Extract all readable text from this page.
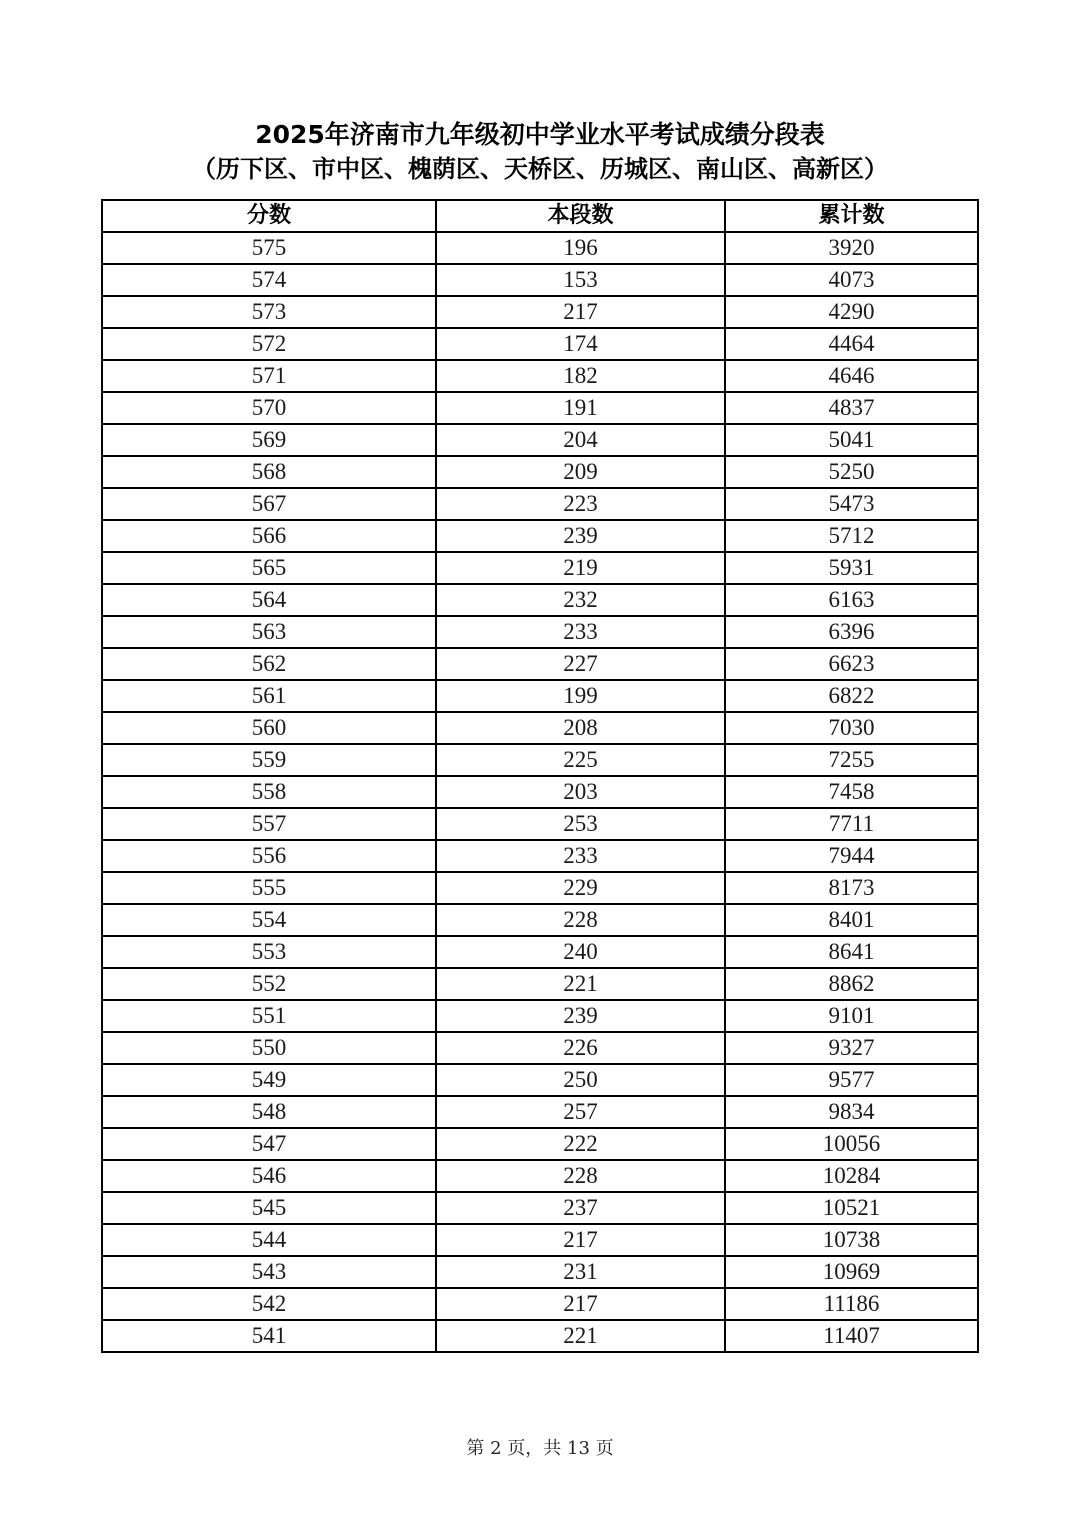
2025年济南市九年级初中学业水平考试成绩分段表
（历下区、市中区、槐荫区、天桥区、历城区、南山区、高新区）
分数	本段数	累计数
575	196	3920
574	153	4073
573	217	4290
572	174	4464
571	182	4646
570	191	4837
569	204	5041
568	209	5250
567	223	5473
566	239	5712
565	219	5931
564	232	6163
563	233	6396
562	227	6623
561	199	6822
560	208	7030
559	225	7255
558	203	7458
557	253	7711
556	233	7944
555	229	8173
554	228	8401
553	240	8641
552	221	8862
551	239	9101
550	226	9327
549	250	9577
548	257	9834
547	222	10056
546	228	10284
545	237	10521
544	217	10738
543	231	10969
542	217	11186
541	221	11407
第 2 页，共 13 页
